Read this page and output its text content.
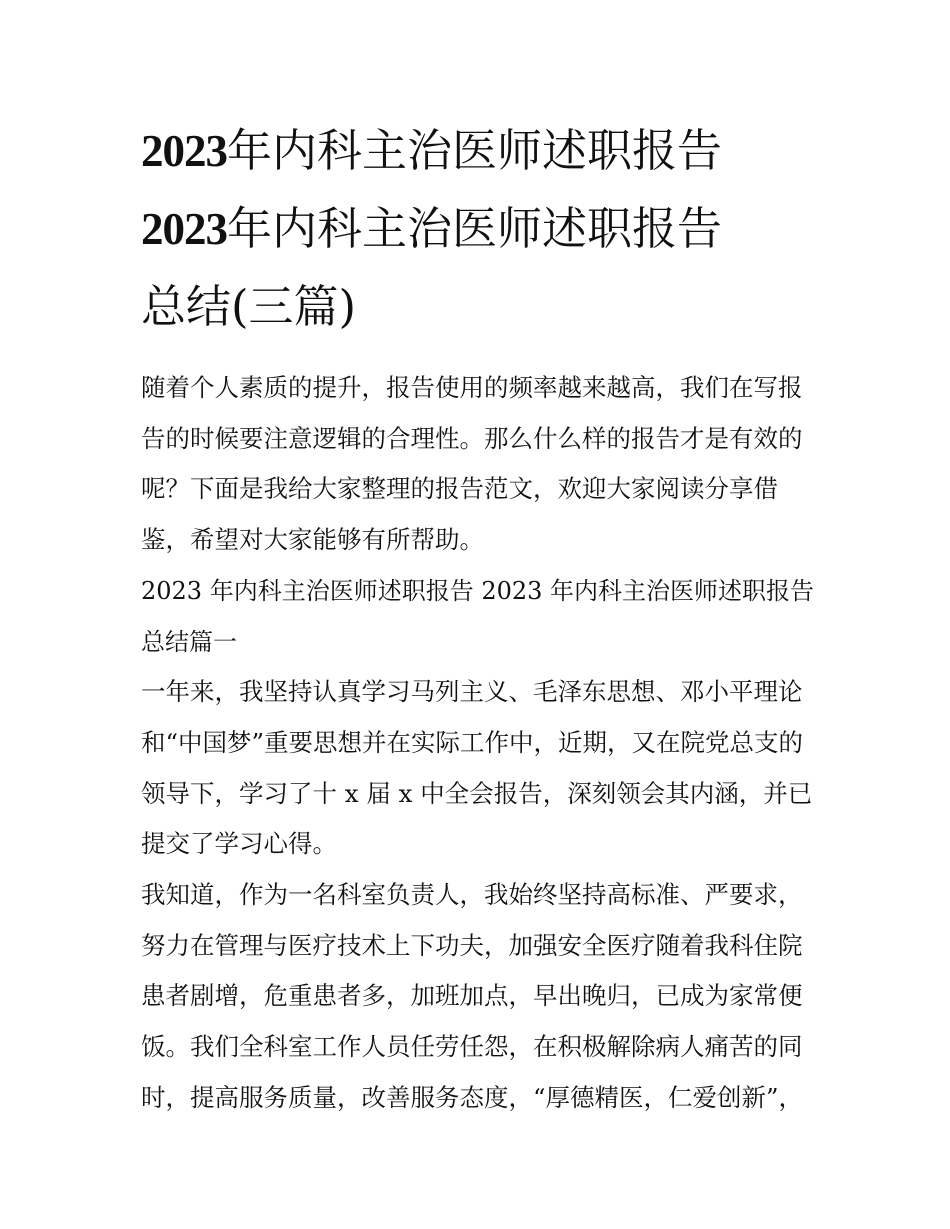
2023年内科主治医师述职报告
2023年内科主治医师述职报告
总结(三篇)

随着个人素质的提升，报告使用的频率越来越高，我们在写报
告的时候要注意逻辑的合理性。那么什么样的报告才是有效的
呢？下面是我给大家整理的报告范文，欢迎大家阅读分享借
鉴，希望对大家能够有所帮助。

2023 年内科主治医师述职报告 2023 年内科主治医师述职报告
总结篇一

一年来，我坚持认真学习马列主义、毛泽东思想、邓小平理论
和“中国梦”重要思想并在实际工作中，近期，又在院党总支的
领导下，学习了十 x 届 x 中全会报告，深刻领会其内涵，并已
提交了学习心得。

我知道，作为一名科室负责人，我始终坚持高标准、严要求，
努力在管理与医疗技术上下功夫，加强安全医疗随着我科住院
患者剧增，危重患者多，加班加点，早出晚归，已成为家常便
饭。我们全科室工作人员任劳任怨，在积极解除病人痛苦的同
时，提高服务质量，改善服务态度，“厚德精医，仁爱创新”，
